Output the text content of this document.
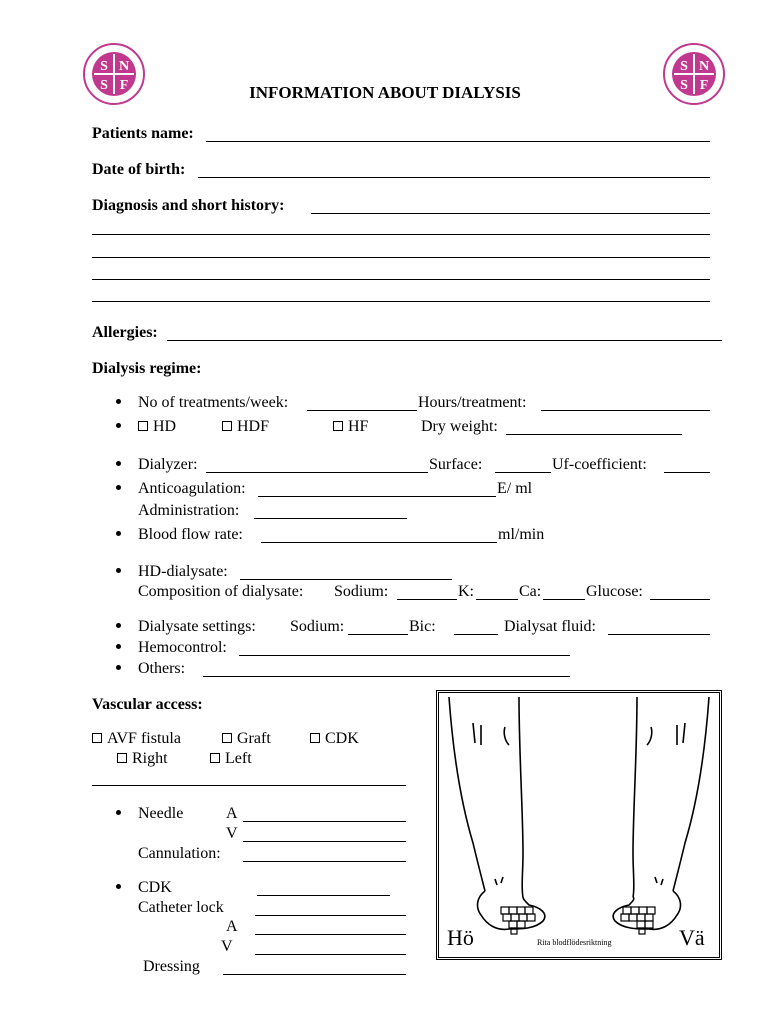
S N
S F
S N
S F
INFORMATION ABOUT DIALYSIS
Patients name:
Date of birth:
Diagnosis and short history:
Allergies:
Dialysis regime:
No of treatments/week:	Hours/treatment:
HD	HDF	HF	Dry weight:
Dialyzer:	Surface:	Uf-coefficient:
Anticoagulation:	E/ ml
Administration:
Blood flow rate:	ml/min
HD-dialysate:
Composition of dialysate: Sodium:	K:	Ca:	Glucose:
Dialysate settings: Sodium:	Bic:	Dialysat fluid:
Hemocontrol:
Others:
Vascular access:
AVF fistula	Graft	CDK
Right	Left
Needle	A
V
Cannulation:
CDK
Catheter lock
A
V
Dressing
Hö	Vä
Rita blodflödesriktning
